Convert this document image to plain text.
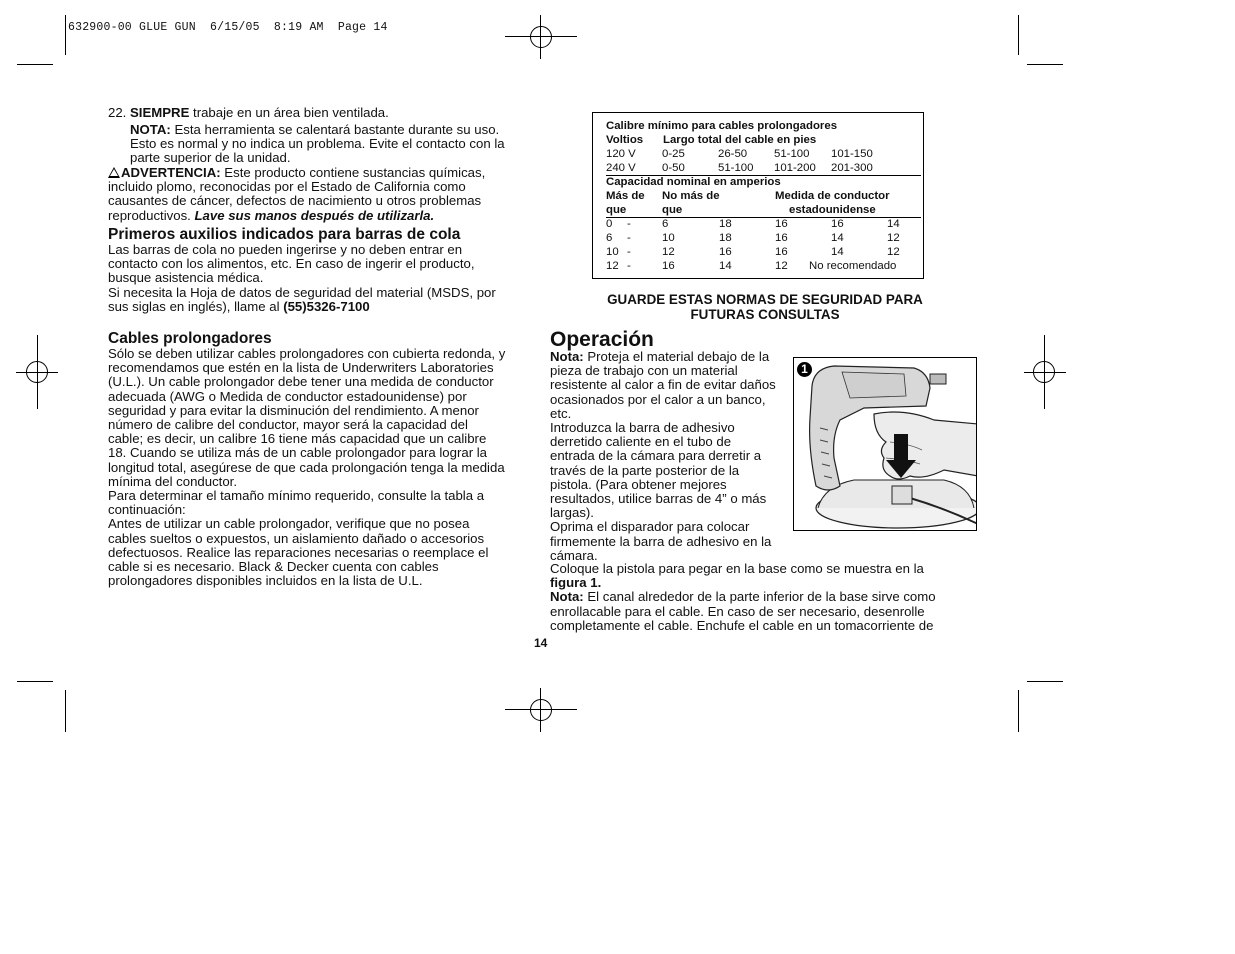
632900-00 GLUE GUN  6/15/05  8:19 AM  Page 14
22. SIEMPRE trabaje en un área bien ventilada.

NOTA: Esta herramienta se calentará bastante durante su uso.

Esto es normal y no indica un problema. Evite el contacto con la

parte superior de la unidad.

ADVERTENCIA: Este producto contiene sustancias químicas,

incluido plomo, reconocidas por el Estado de California como

causantes de cáncer, defectos de nacimiento u otros problemas

reproductivos. Lave sus manos después de utilizarla.

Primeros auxilios indicados para barras de cola

Las barras de cola no pueden ingerirse y no deben entrar en

contacto con los alimentos, etc. En caso de ingerir el producto,

busque asistencia médica.

Si necesita la Hoja de datos de seguridad del material (MSDS, por

sus siglas en inglés), llame al (55)5326-7100

Cables prolongadores

Sólo se deben utilizar cables prolongadores con cubierta redonda, y

recomendamos que estén en la lista de Underwriters Laboratories

(U.L.). Un cable prolongador debe tener una medida de conductor

adecuada (AWG o Medida de conductor estadounidense) por

seguridad y para evitar la disminución del rendimiento. A menor

número de calibre del conductor, mayor será la capacidad del

cable; es decir, un calibre 16 tiene más capacidad que un calibre

18. Cuando se utiliza más de un cable prolongador para lograr la

longitud total, asegúrese de que cada prolongación tenga la medida

mínima del conductor.

Para determinar el tamaño mínimo requerido, consulte la tabla a

continuación:

Antes de utilizar un cable prolongador, verifique que no posea

cables sueltos o expuestos, un aislamiento dañado o accesorios

defectuosos. Realice las reparaciones necesarias o reemplace el

cable si es necesario. Black & Decker cuenta con cables

prolongadores disponibles incluidos en la lista de U.L.

Calibre mínimo para cables prolongadores
Voltios Largo total del cable en pies
120 V 0-25	26-50 51-100 101-150
240 V 0-50	51-100 101-200 201-300
Capacidad nominal en amperios
Más de No más de	Medida de conductor
que	que	estadounidense
0 -	6	18	16	16	14
6 -	10	18	16	14	12
10 -	12	16	16	14	12
12 -	16	14	12 No recomendado
GUARDE ESTAS NORMAS DE SEGURIDAD PARA
FUTURAS CONSULTAS
Operación

Nota: Proteja el material debajo de la

pieza de trabajo con un material

resistente al calor a fin de evitar daños

ocasionados por el calor a un banco,

etc.

Introduzca la barra de adhesivo

derretido caliente en el tubo de

entrada de la cámara para derretir a

través de la parte posterior de la

pistola. (Para obtener mejores

resultados, utilice barras de 4” o más

largas).

Oprima el disparador para colocar

firmemente la barra de adhesivo en la

cámara.

Coloque la pistola para pegar en la base como se muestra en la

figura 1.

Nota: El canal alrededor de la parte inferior de la base sirve como

enrollacable para el cable. En caso de ser necesario, desenrolle

completamente el cable. Enchufe el cable en un tomacorriente de

1
14
